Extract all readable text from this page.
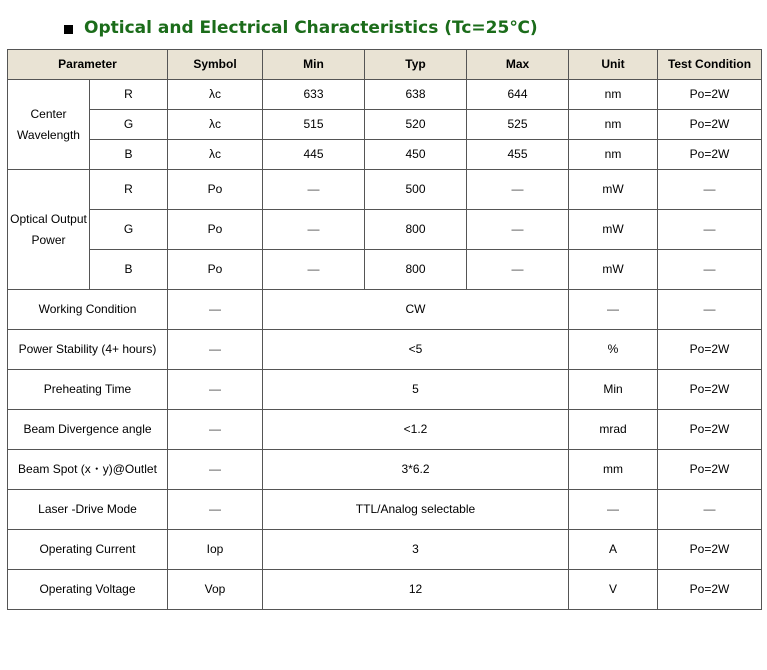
Optical and Electrical Characteristics (Tc=25℃)
Parameter		Symbol	Min	Typ	Max	Unit	Test Condition
Center
Wavelength	R	λc	633	638	644	nm	Po=2W
	G	λc	515	520	525	nm	Po=2W
	B	λc	445	450	455	nm	Po=2W
Optical Output
Power	R	Po	—	500	—	mW	—
	G	Po	—	800	—	mW	—
	B	Po	—	800	—	mW	—
Working Condition		—	CW			—	—
Power Stability (4+ hours)		—	<5			%	Po=2W
Preheating Time		—	5			Min	Po=2W
Beam Divergence angle		—	<1.2			mrad	Po=2W
Beam Spot (x・y)@Outlet		—	3*6.2			mm	Po=2W
Laser -Drive Mode		—	TTL/Analog selectable			—	—
Operating Current		Iop	3			A	Po=2W
Operating Voltage		Vop	12			V	Po=2W
